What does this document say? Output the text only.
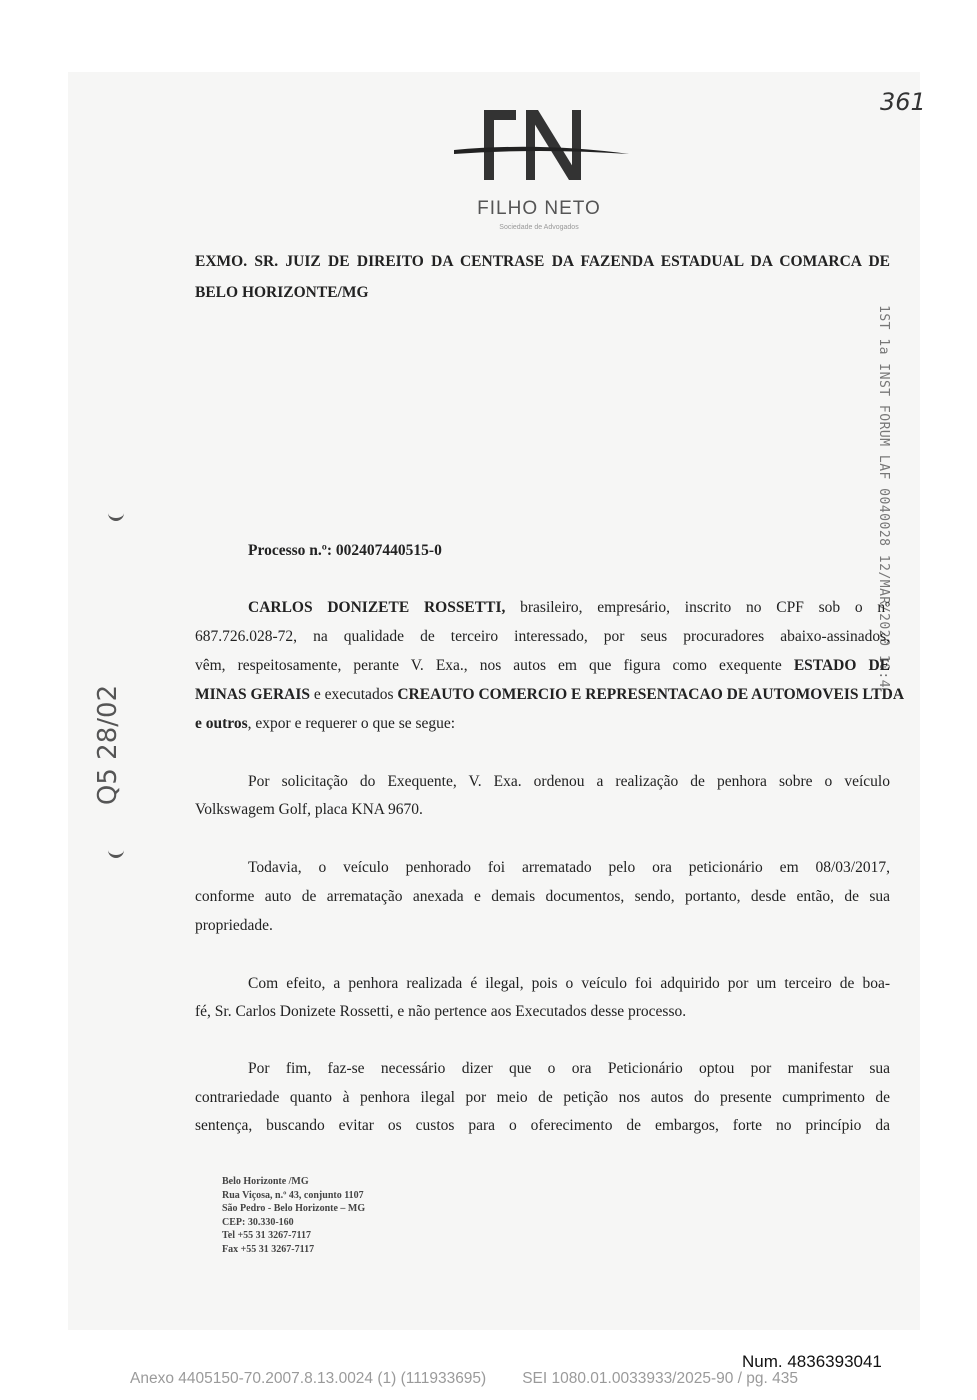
FILHO NETO
Sociedade de Advogados
361
EXMO. SR. JUIZ DE DIREITO DA CENTRASE DA FAZENDA ESTADUAL DA COMARCA DE
BELO HORIZONTE/MG
Processo n.º: 002407440515-0	1ST 1a INST FORUM LAF 0040028 12/MAR/2020 10:4
CARLOS DONIZETE ROSSETTI, brasileiro, empresário, inscrito no CPF sob o nº
687.726.028-72, na qualidade de terceiro interessado, por seus procuradores abaixo-assinados,
vêm, respeitosamente, perante V. Exa., nos autos em que figura como exequente ESTADO DE
MINAS GERAIS e executados CREAUTO COMERCIO E REPRESENTACAO DE AUTOMOVEIS LTDA
e outros, expor e requerer o que se segue:
Por solicitação do Exequente, V. Exa. ordenou a realização de penhora sobre o veículo
Volkswagem Golf, placa KNA 9670.
Todavia, o veículo penhorado foi arrematado pelo ora peticionário em 08/03/2017,
conforme auto de arrematação anexada e demais documentos, sendo, portanto, desde então, de sua
propriedade.
Com efeito, a penhora realizada é ilegal, pois o veículo foi adquirido por um terceiro de boa-
fé, Sr. Carlos Donizete Rossetti, e não pertence aos Executados desse processo.
Por fim, faz-se necessário dizer que o ora Peticionário optou por manifestar sua
contrariedade quanto à penhora ilegal por meio de petição nos autos do presente cumprimento de
sentença, buscando evitar os custos para o oferecimento de embargos, forte no princípio da
Belo Horizonte /MG
Rua Viçosa, n.º 43, conjunto 1107
São Pedro - Belo Horizonte – MG
CEP: 30.330-160
Tel +55 31 3267-7117
Fax +55 31 3267-7117
Q5 28/02
Num. 4836393041
Anexo 4405150-70.2007.8.13.0024 (1) (111933695) SEI 1080.01.0033933/2025-90 / pg. 435
